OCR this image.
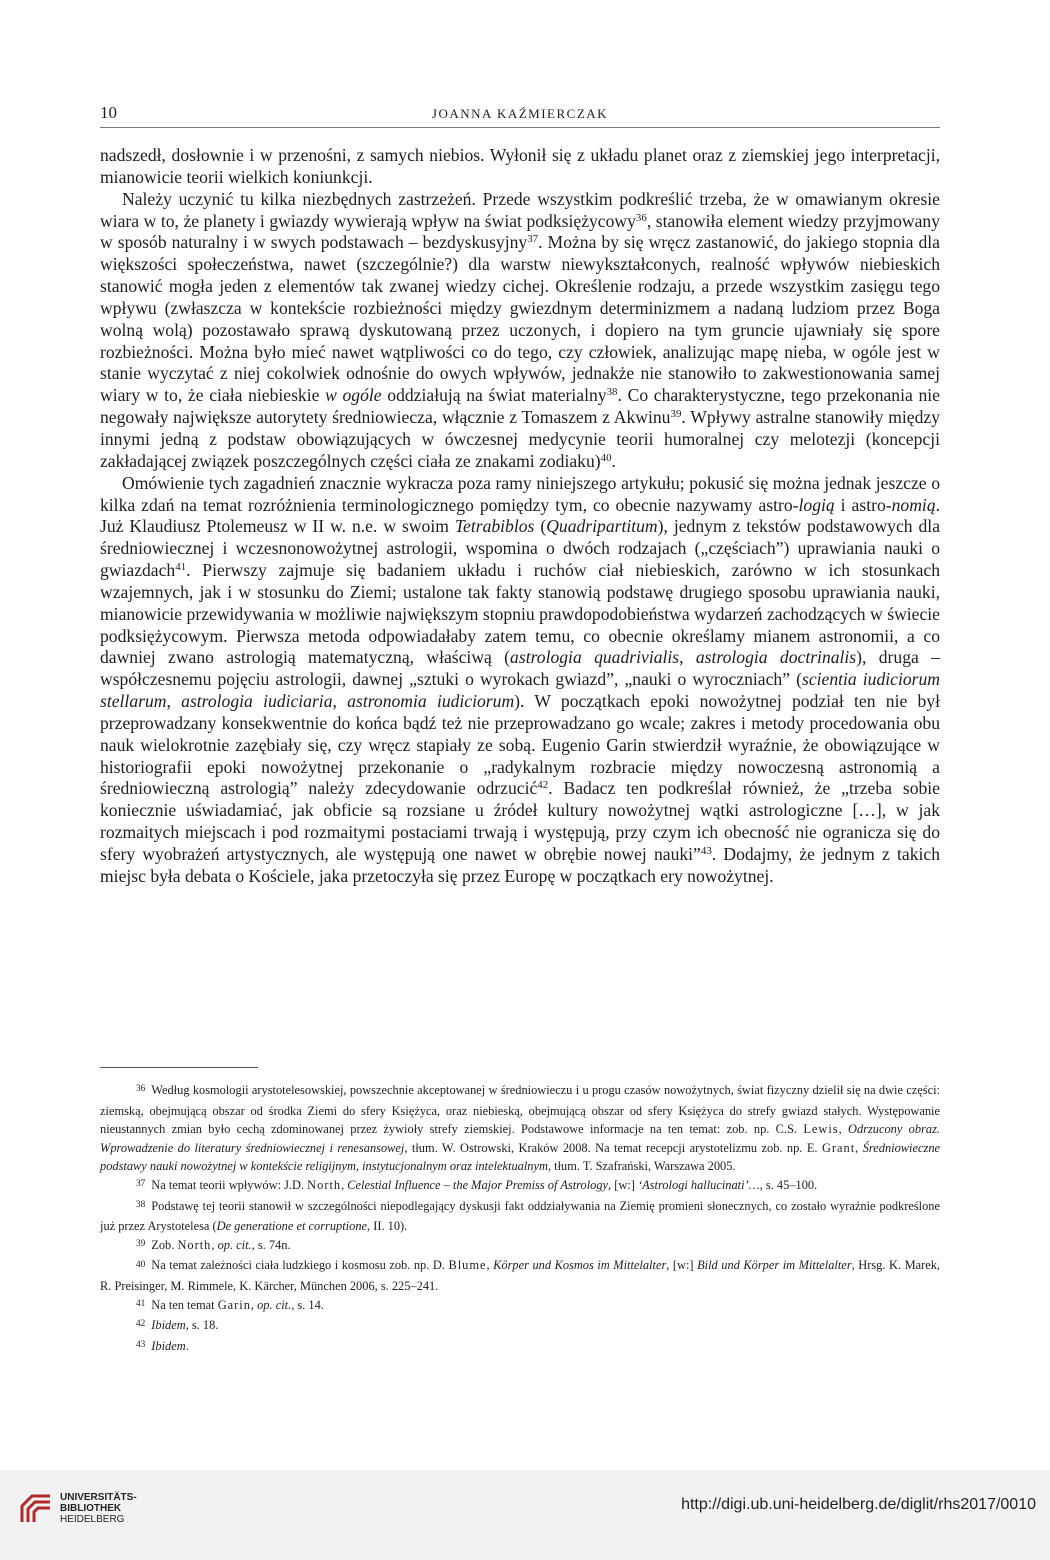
10	JOANNA KAŹMIERCZAK

nadszedł, dosłownie i w przenośni, z samych niebios. Wyłonił się z układu planet oraz z ziemskiej jego interpretacji, mianowicie teorii wielkich koniunkcji.

Należy uczynić tu kilka niezbędnych zastrzeżeń. Przede wszystkim podkreślić trzeba, że w omawianym okresie wiara w to, że planety i gwiazdy wywierają wpływ na świat podksiężycowy$^{36}$, stanowiła element wiedzy przyjmowany w sposób naturalny i w swych podstawach – bezdyskusyjny$^{37}$. Można by się wręcz zastanowić, do jakiego stopnia dla większości społeczeństwa, nawet (szczególnie?) dla warstw niewykształconych, realność wpływów niebieskich stanowić mogła jeden z elementów tak zwanej wiedzy cichej. Określenie rodzaju, a przede wszystkim zasięgu tego wpływu (zwłaszcza w kontekście rozbieżności między gwiezdnym determinizmem a nadaną ludziom przez Boga wolną wolą) pozostawało sprawą dyskutowaną przez uczonych, i dopiero na tym gruncie ujawniały się spore rozbieżności. Można było mieć nawet wątpliwości co do tego, czy człowiek, analizując mapę nieba, w ogóle jest w stanie wyczytać z niej cokolwiek odnośnie do owych wpływów, jednakże nie stanowiło to zakwestionowania samej wiary w to, że ciała niebieskie w ogóle oddziałują na świat materialny$^{38}$. Co charakterystyczne, tego przekonania nie negowały największe autorytety średniowiecza, włącznie z Tomaszem z Akwinu$^{39}$. Wpływy astralne stanowiły między innymi jedną z podstaw obowiązujących w ówczesnej medycynie teorii humoralnej czy melotezji (koncepcji zakładającej związek poszczególnych części ciała ze znakami zodiaku)$^{40}$.

Omówienie tych zagadnień znacznie wykracza poza ramy niniejszego artykułu; pokusić się można jednak jeszcze o kilka zdań na temat rozróżnienia terminologicznego pomiędzy tym, co obecnie nazywamy astro-logią i astro-nomią. Już Klaudiusz Ptolemeusz w II w. n.e. w swoim Tetrabiblos (Quadripartitum), jednym z tekstów podstawowych dla średniowiecznej i wczesnonowożytnej astrologii, wspomina o dwóch rodzajach („częściach”) uprawiania nauki o gwiazdach$^{41}$. Pierwszy zajmuje się badaniem układu i ruchów ciał niebieskich, zarówno w ich stosunkach wzajemnych, jak i w stosunku do Ziemi; ustalone tak fakty stanowią podstawę drugiego sposobu uprawiania nauki, mianowicie przewidywania w możliwie największym stopniu prawdopodobieństwa wydarzeń zachodzących w świecie podksiężycowym. Pierwsza metoda odpowiadałaby zatem temu, co obecnie określamy mianem astronomii, a co dawniej zwano astrologią matematyczną, właściwą (astrologia quadrivialis, astrologia doctrinalis), druga – współczesnemu pojęciu astrologii, dawnej „sztuki o wyrokach gwiazd”, „nauki o wyroczniach” (scientia iudiciorum stellarum, astrologia iudiciaria, astronomia iudiciorum). W początkach epoki nowożytnej podział ten nie był przeprowadzany konsekwentnie do końca bądź też nie przeprowadzano go wcale; zakres i metody procedowania obu nauk wielokrotnie zazębiały się, czy wręcz stapiały ze sobą. Eugenio Garin stwierdził wyraźnie, że obowiązujące w historiografii epoki nowożytnej przekonanie o „radykalnym rozbracie między nowoczesną astronomią a średniowieczną astrologią” należy zdecydowanie odrzucić$^{42}$. Badacz ten podkreślał również, że „trzeba sobie koniecznie uświadamiać, jak obficie są rozsiane u źródeł kultury nowożytnej wątki astrologiczne […], w jak rozmaitych miejscach i pod rozmaitymi postaciami trwają i występują, przy czym ich obecność nie ogranicza się do sfery wyobrażeń artystycznych, ale występują one nawet w obrębie nowej nauki”$^{43}$. Dodajmy, że jednym z takich miejsc była debata o Kościele, jaka przetoczyła się przez Europę w początkach ery nowożytnej.

$^{36}$ Według kosmologii arystotelesowskiej, powszechnie akceptowanej w średniowieczu i u progu czasów nowożytnych, świat fizyczny dzielił się na dwie części: ziemską, obejmującą obszar od środka Ziemi do sfery Księżyca, oraz niebieską, obejmującą obszar od sfery Księżyca do strefy gwiazd stałych. Występowanie nieustannych zmian było cechą zdominowanej przez żywioły strefy ziemskiej. Podstawowe informacje na ten temat: zob. np. C.S. Lewis, Odrzucony obraz. Wprowadzenie do literatury średniowiecznej i renesansowej, tłum. W. Ostrowski, Kraków 2008. Na temat recepcji arystotelizmu zob. np. E. Grant, Średniowieczne podstawy nauki nowożytnej w kontekście religijnym, instytucjonalnym oraz intelektualnym, tłum. T. Szafrański, Warszawa 2005.

$^{37}$ Na temat teorii wpływów: J.D. North, Celestial Influence – the Major Premiss of Astrology, [w:] ‘Astrologi hallucinati’…, s. 45–100.

$^{38}$ Podstawę tej teorii stanowił w szczególności niepodlegający dyskusji fakt oddziaływania na Ziemię promieni słonecznych, co zostało wyraźnie podkreślone już przez Arystotelesa (De generatione et corruptione, II. 10).

$^{39}$ Zob. North, op. cit., s. 74n.

$^{40}$ Na temat zależności ciała ludzkiego i kosmosu zob. np. D. Blume, Körper und Kosmos im Mittelalter, [w:] Bild und Körper im Mittelalter, Hrsg. K. Marek, R. Preisinger, M. Rimmele, K. Kärcher, München 2006, s. 225–241.

$^{41}$ Na ten temat Garin, op. cit., s. 14.

$^{42}$ Ibidem, s. 18.

$^{43}$ Ibidem.

UNIVERSITÄTS-
BIBLIOTHEK
HEIDELBERG
http://digi.ub.uni-heidelberg.de/diglit/rhs2017/0010
